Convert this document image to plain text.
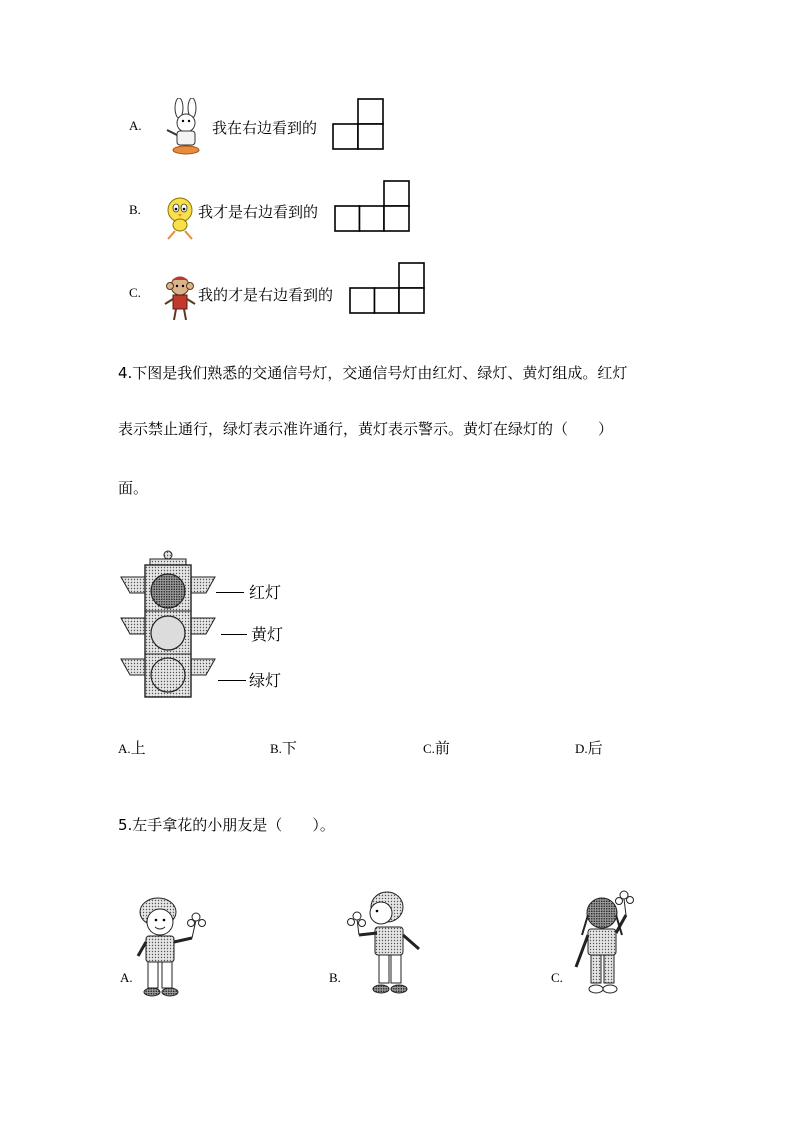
A.	我在右边看到的
B.	我才是右边看到的
C.	我的才是右边看到的
4.下图是我们熟悉的交通信号灯，交通信号灯由红灯、绿灯、黄灯组成。红灯
表示禁止通行，绿灯表示准许通行，黄灯表示警示。黄灯在绿灯的（　　）
面。
红灯
黄灯
绿灯
A.上	B.下	C.前	D.后
5.左手拿花的小朋友是（　　）。
A.	B.	C.
